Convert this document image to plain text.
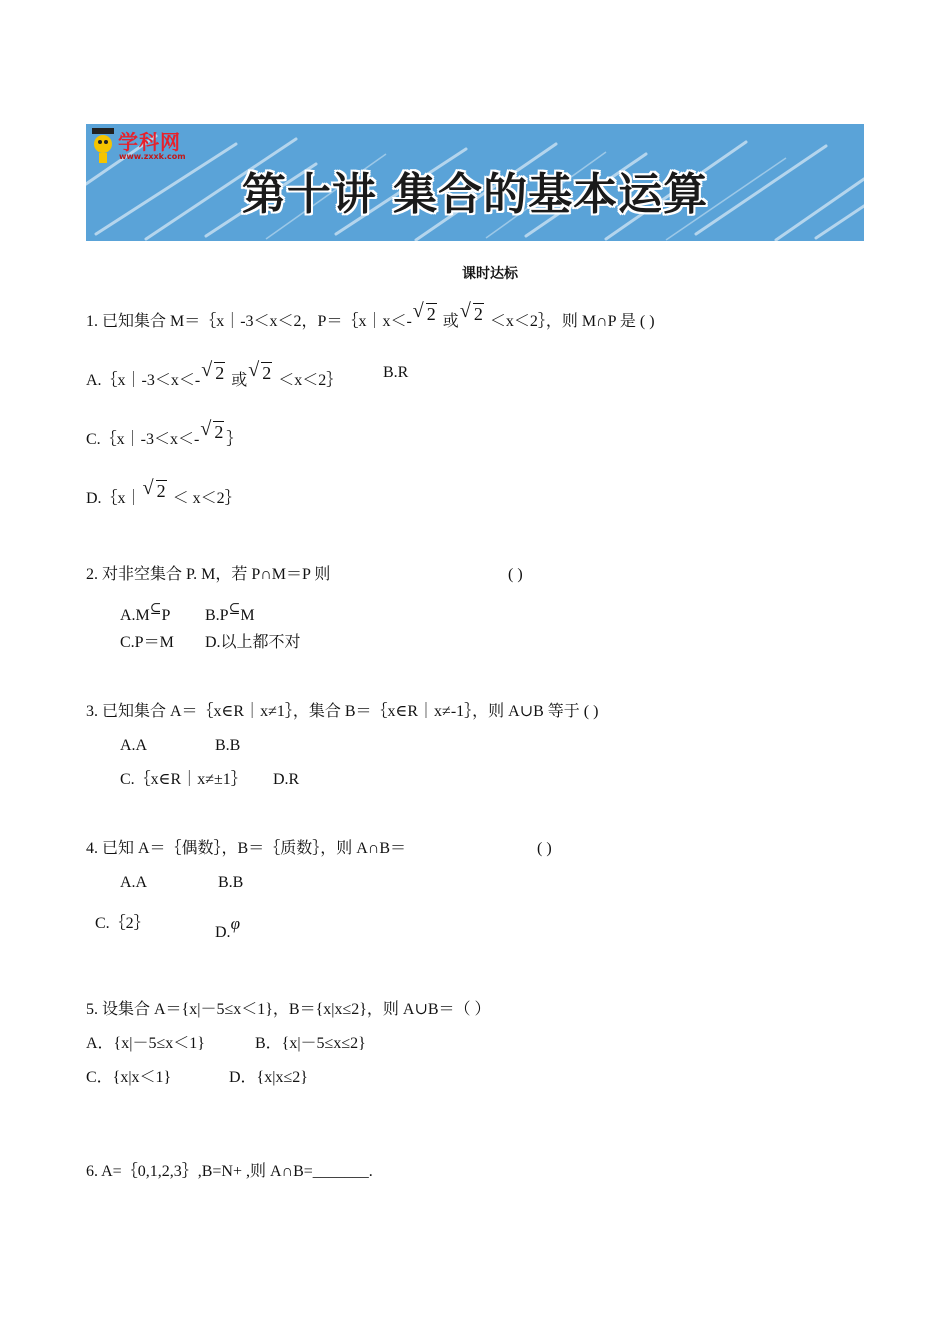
学科网
www.zxxk.com
第十讲 集合的基本运算
课时达标
1. 已知集合 M＝｛x｜-3＜x＜2，P＝｛x｜x＜- √ 2 或 √ 2 ＜x＜2｝，则 M∩P 是 ( )
A.｛x｜-3＜x＜- √ 2 或 √ 2 ＜x＜2｝	B.R
C.｛x｜-3＜x＜- √ 2 ｝
D.｛x｜ √ 2 ＜ x＜2｝
2. 对非空集合 P. M，若 P∩M＝P 则	( )
A.M⊆P B.P⊆M
C.P＝M D.以上都不对
3. 已知集合 A＝｛x∈R｜x≠1｝，集合 B＝｛x∈R｜x≠-1｝，则 A∪B 等于 ( )
A.A	B.B
C.｛x∈R｜x≠±1｝ D.R
4. 已知 A＝｛偶数｝，B＝｛质数｝，则 A∩B＝	( )
A.A	B.B
C.｛2｝
D.φ
5. 设集合 A＝{x|－5≤x＜1}，B＝{x|x≤2}，则 A∪B＝（ ）
A．{x|－5≤x＜1}	B．{x|－5≤x≤2}
C．{x|x＜1}	D．{x|x≤2}
6. A=｛0,1,2,3｝,B=N+ ,则 A∩B=_______.
